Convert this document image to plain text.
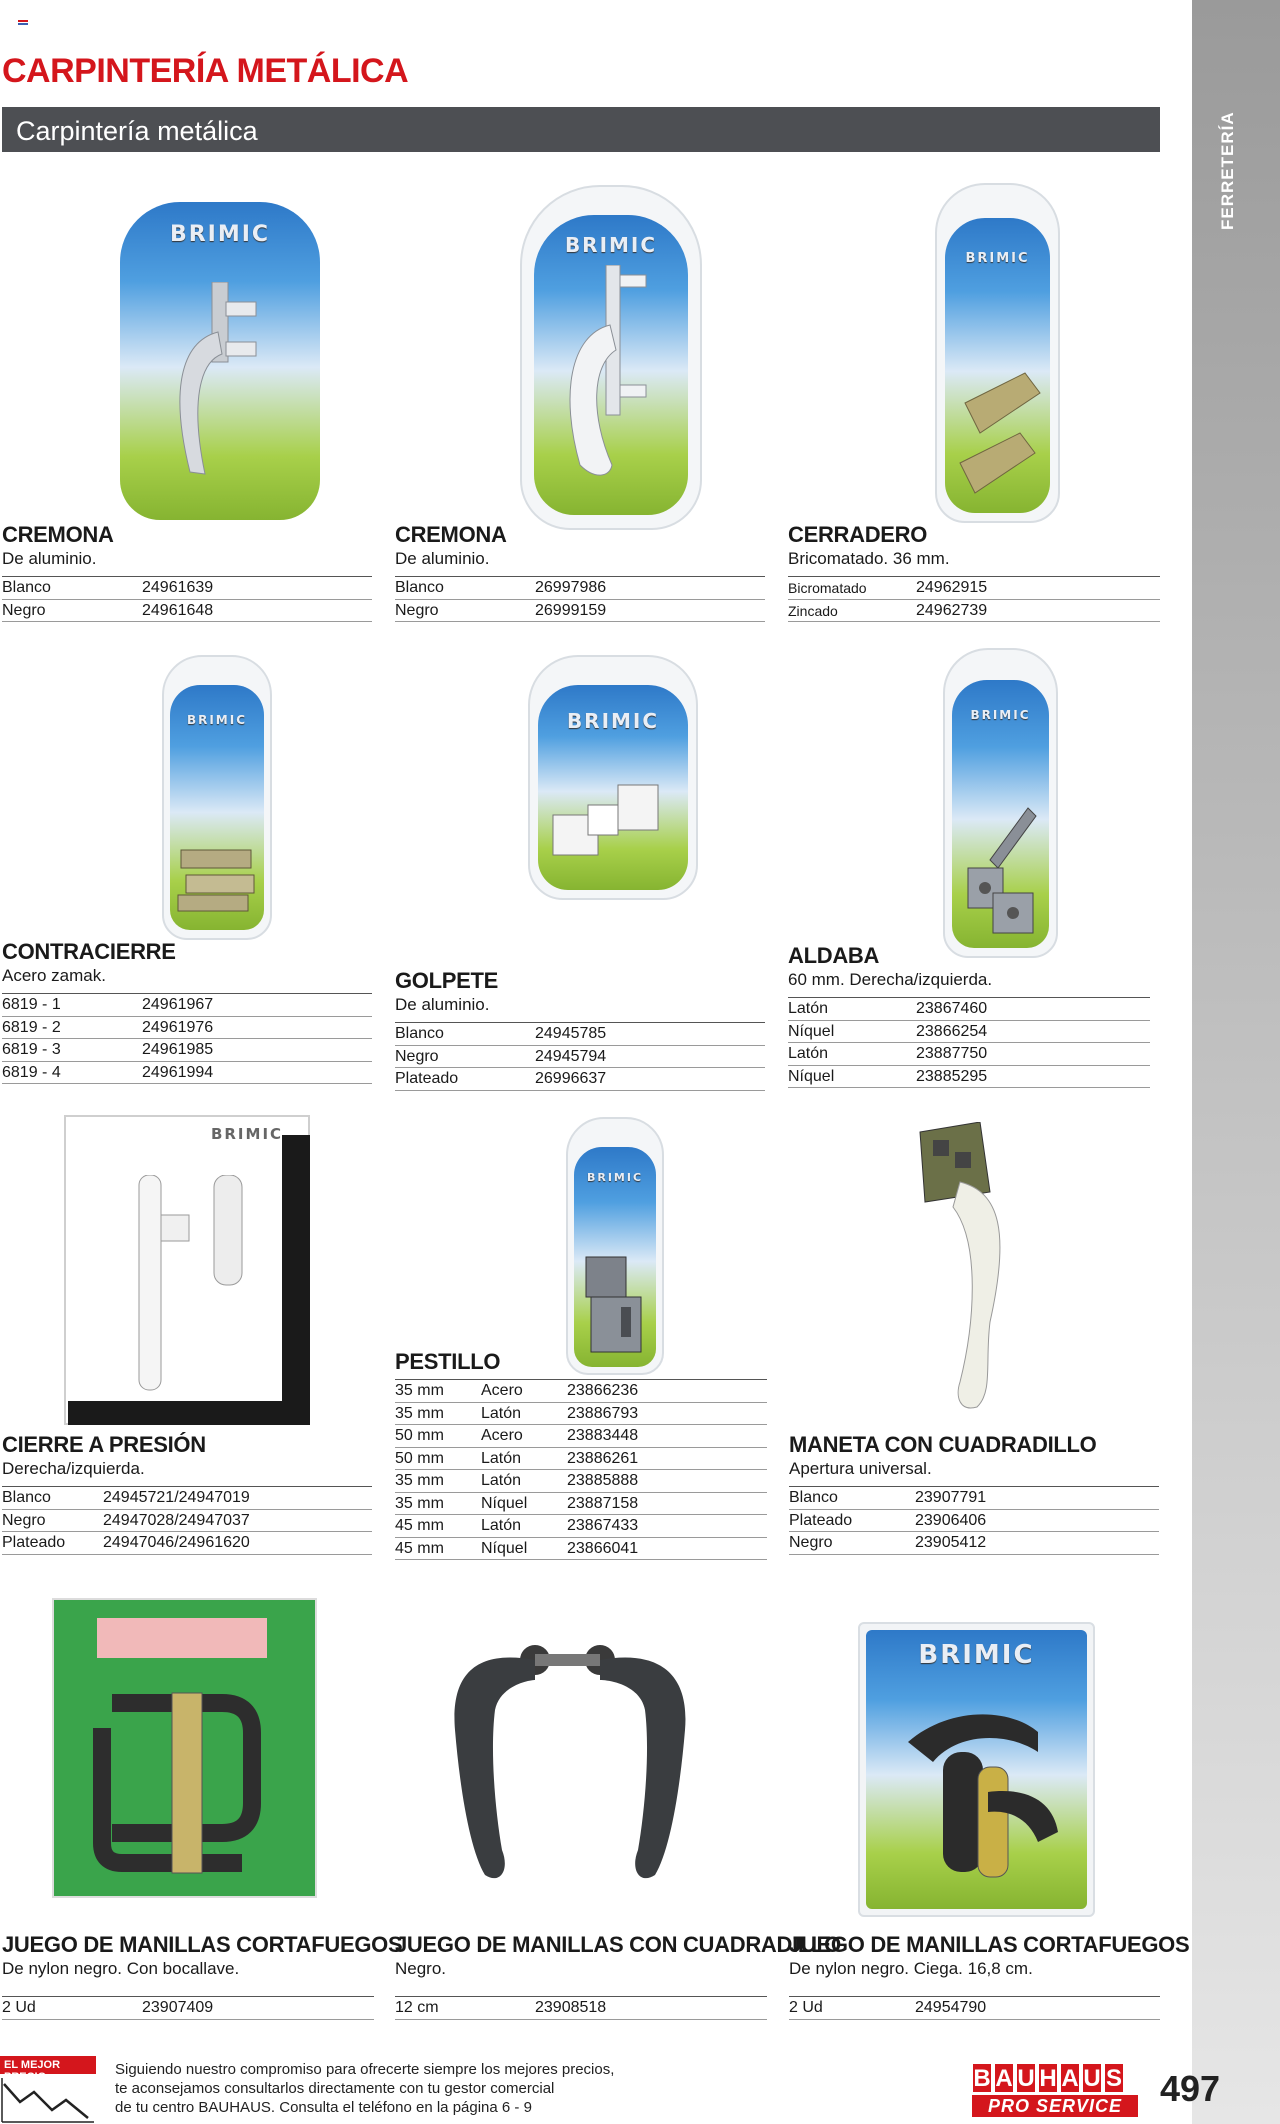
FERRETERÍA
CARPINTERÍA METÁLICA
Carpintería metálica
BRIMIC	BRIMIC
BRIMIC
CREMONA
De aluminio.
Blanco	24961639
Negro	24961648
CREMONA
De aluminio.
Blanco	26997986
Negro	26999159
CERRADERO
Bricomatado. 36 mm.
Bicromatado	24962915
Zincado	24962739
BRIMIC	BRIMIC	BRIMIC
CONTRACIERRE
Acero zamak.
6819 - 1	24961967
6819 - 2	24961976
6819 - 3	24961985
6819 - 4	24961994
GOLPETE
De aluminio.
Blanco	24945785
Negro	24945794
Plateado	26996637
ALDABA
60 mm. Derecha/izquierda.
Latón	23867460
Níquel	23866254
Latón	23887750
Níquel	23885295
BRIMIC
BRIMIC
CIERRE A PRESIÓN
Derecha/izquierda.
Blanco	24945721/24947019
Negro	24947028/24947037
Plateado	24947046/24961620
PESTILLO
35 mm	Acero	23866236
35 mm	Latón	23886793
50 mm	Acero	23883448
50 mm	Latón	23886261
35 mm	Latón	23885888
35 mm	Níquel	23887158
45 mm	Latón	23867433
45 mm	Níquel	23866041
MANETA CON CUADRADILLO
Apertura universal.
Blanco	23907791
Plateado	23906406
Negro	23905412
BRIMIC
JUEGO DE MANILLAS CORTAFUEGOS
De nylon negro. Con bocallave.
2 Ud	23907409
JUEGO DE MANILLAS CON CUADRADILLO
Negro.
12 cm	23908518
JUEGO DE MANILLAS CORTAFUEGOS
De nylon negro. Ciega. 16,8 cm.
2 Ud	24954790
EL MEJOR PRECIO	Siguiendo nuestro compromiso para ofrecerte siempre los mejores precios,
te aconsejamos consultarlos directamente con tu gestor comercial
de tu centro BAUHAUS. Consulta el teléfono en la página 6 - 9
B A U H A U S
PRO SERVICE	497
